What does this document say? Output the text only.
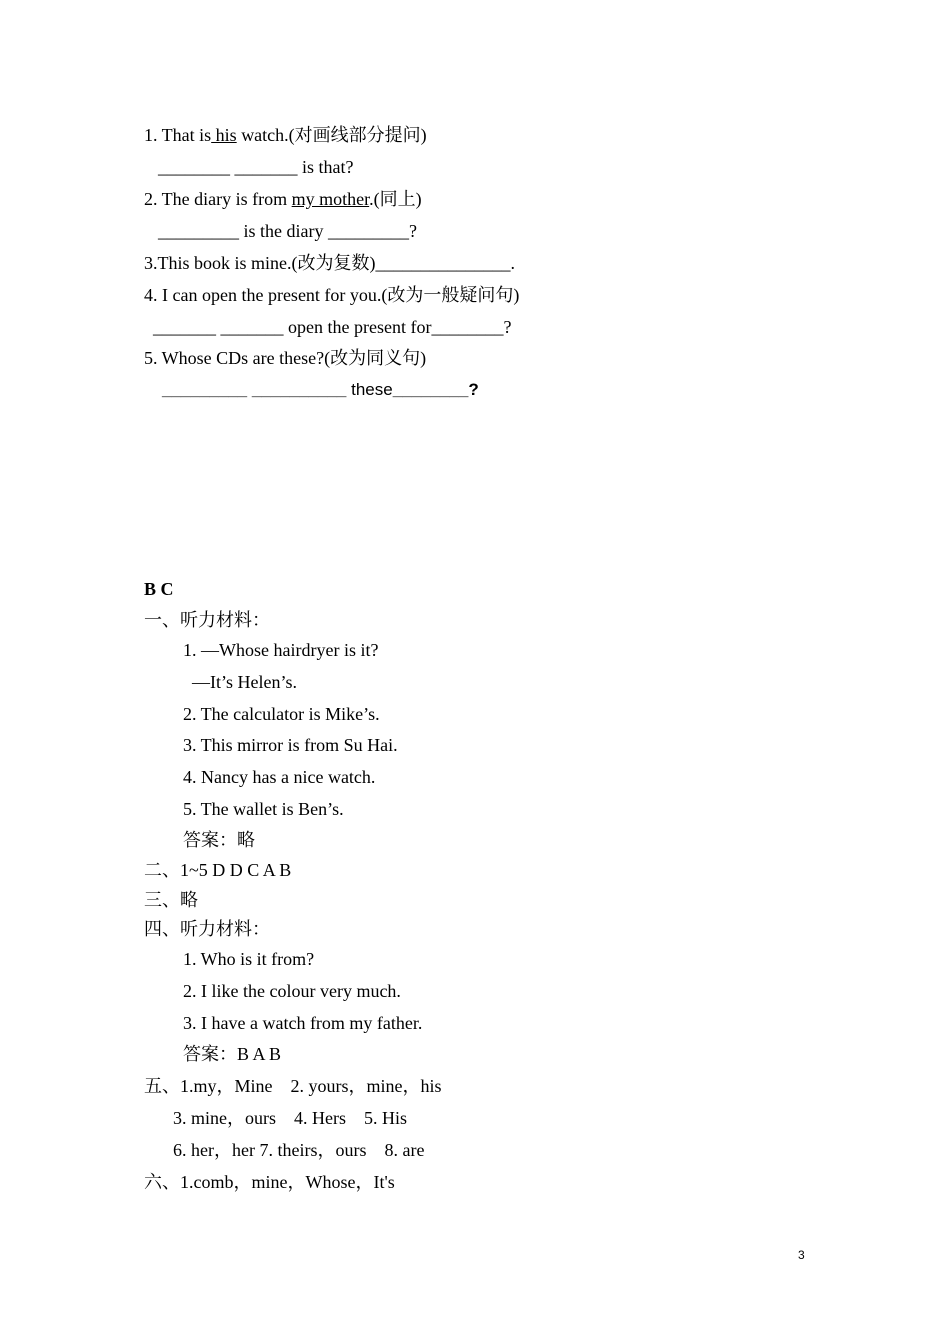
1. That is his watch.(对画线部分提问)
________ _______ is that?
2. The diary is from my mother.(同上)
_________ is the diary _________?
3.This book is mine.(改为复数)_______________.
4. I can open the present for you.(改为一般疑问句)
_______ _______ open the present for________?
5. Whose CDs are these?(改为同义句)
_________ __________ these________?
B C
一、听力材料：
1. —Whose hairdryer is it?
—It’s Helen’s.
2. The calculator is Mike’s.
3. This mirror is from Su Hai.
4. Nancy has a nice watch.
5. The wallet is Ben’s.
答案：略
二、1~5 D D C A B
三、略
四、听力材料：
1. Who is it from?
2. I like the colour very much.
3. I have a watch from my father.
答案：B A B
五、1.my，Mine    2. yours，mine，his
3. mine，ours    4. Hers    5. His
6. her，her 7. theirs，ours    8. are
六、1.comb，mine，Whose，It's
3
